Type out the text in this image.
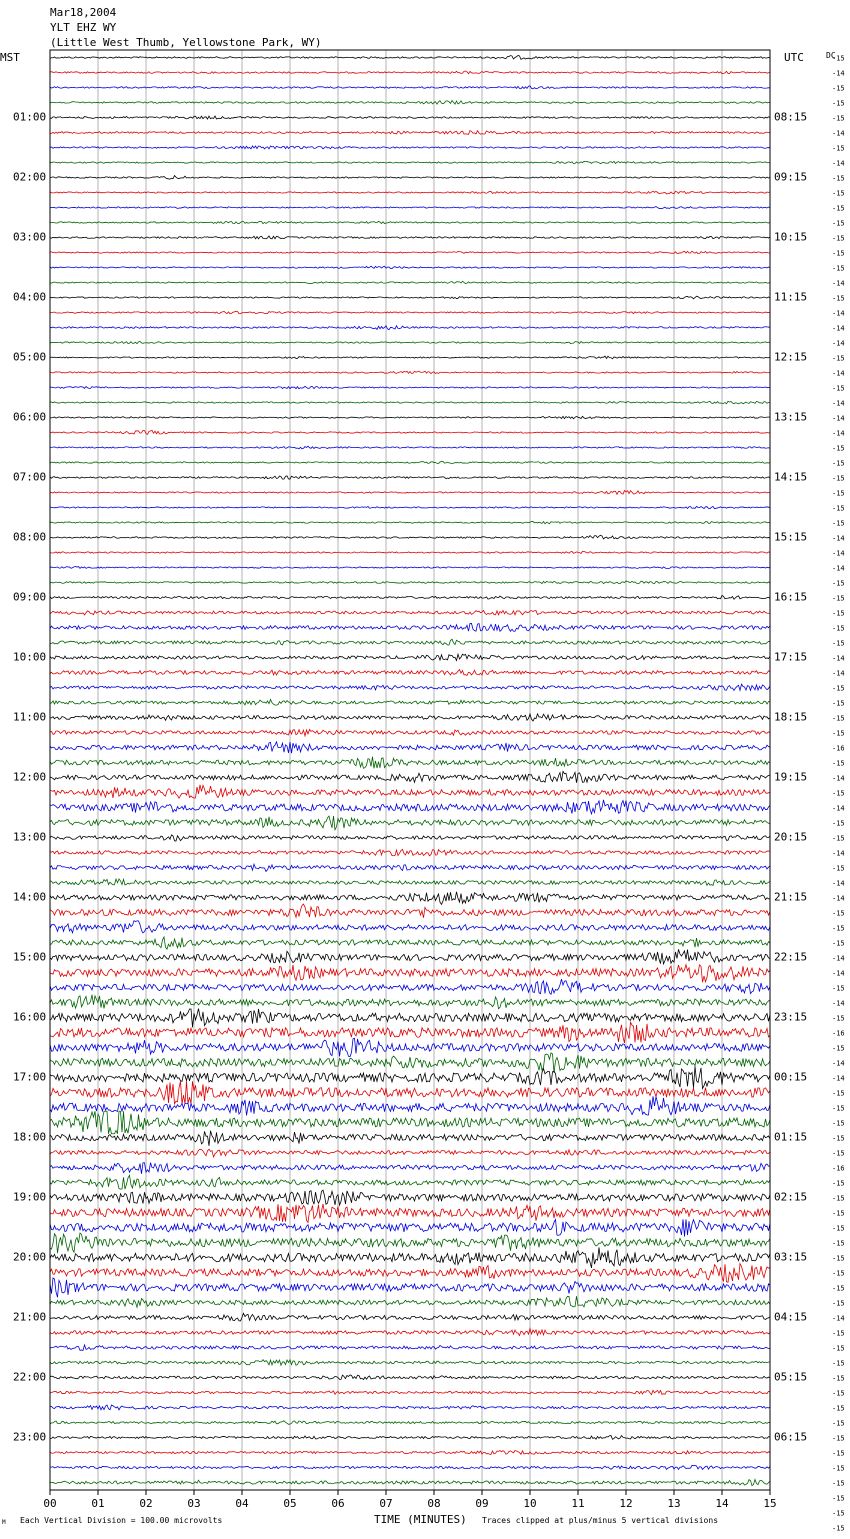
Mar18,2004
YLT EHZ WY
(Little West Thumb, Yellowstone Park, WY)
MST	UTC	DC
01:00
02:00
03:00
04:00
05:00
06:00
07:00
08:00
09:00
10:00
11:00
12:00
13:00
14:00
15:00
16:00
17:00
18:00
19:00
20:00
21:00
22:00
23:00
08:15
09:15
10:15
11:15
12:15
13:15
14:15
15:15
16:15
17:15
18:15
19:15
20:15
21:15
22:15
23:15
00:15
01:15
02:15
03:15
04:15
05:15
06:15
-15
-14
-15
-15
-15
-14
-15
-14
-15
-15
-15
-15
-15
-15
-15
-14
-15
-14
-14
-14
-15
-14
-15
-14
-14
-14
-15
-15
-15
-15
-15
-15
-14
-14
-14
-15
-15
-15
-15
-15
-14
-14
-15
-15
-15
-15
-16
-15
-14
-15
-14
-15
-15
-14
-15
-14
-14
-15
-15
-15
-14
-14
-15
-14
-15
-16
-15
-14
-14
-15
-15
-15
-15
-15
-16
-15
-15
-15
-15
-15
-15
-15
-15
-15
-14
-15
-15
-15
-15
-15
-15
-15
-15
-15
-15
-15
-15
-15
-15
00	01	02	03	04	05	06	07	08	09	10	11	12	13	14	15
M Each Vertical Division = 100.00 microvolts	TIME (MINUTES) Traces clipped at plus/minus 5 vertical divisions
